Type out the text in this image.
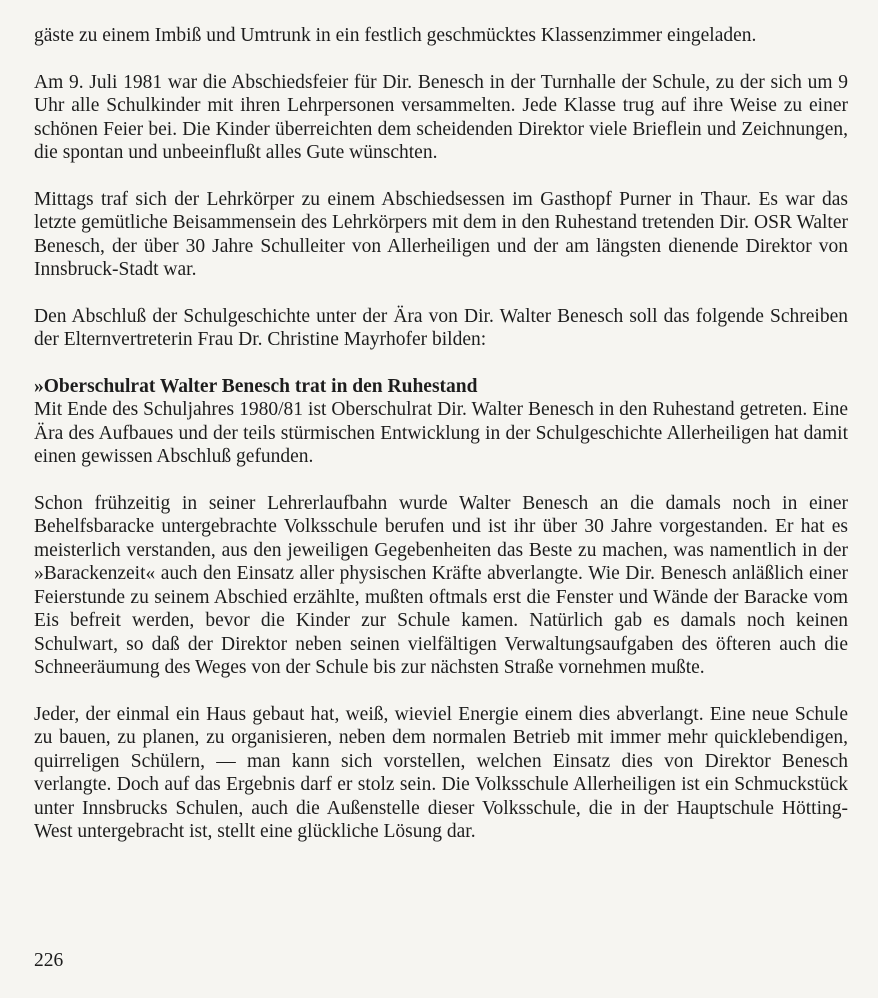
gäste zu einem Imbiß und Umtrunk in ein festlich geschmücktes Klassenzimmer eingeladen.

Am 9. Juli 1981 war die Abschiedsfeier für Dir. Benesch in der Turnhalle der Schule, zu der sich um 9 Uhr alle Schulkinder mit ihren Lehrpersonen versammelten. Jede Klasse trug auf ihre Weise zu einer schönen Feier bei. Die Kinder überreichten dem scheidenden Direktor viele Brieflein und Zeichnungen, die spontan und unbeeinflußt alles Gute wünschten.

Mittags traf sich der Lehrkörper zu einem Abschiedsessen im Gasthopf Purner in Thaur. Es war das letzte gemütliche Beisammensein des Lehrkörpers mit dem in den Ruhestand tretenden Dir. OSR Walter Benesch, der über 30 Jahre Schulleiter von Allerheiligen und der am längsten dienende Direktor von Innsbruck-Stadt war.

Den Abschluß der Schulgeschichte unter der Ära von Dir. Walter Benesch soll das folgende Schreiben der Elternvertreterin Frau Dr. Christine Mayrhofer bilden:

»Oberschulrat Walter Benesch trat in den Ruhestand
Mit Ende des Schuljahres 1980/81 ist Oberschulrat Dir. Walter Benesch in den Ruhestand getreten. Eine Ära des Aufbaues und der teils stürmischen Entwicklung in der Schulgeschichte Allerheiligen hat damit einen gewissen Abschluß gefunden.

Schon frühzeitig in seiner Lehrerlaufbahn wurde Walter Benesch an die damals noch in einer Behelfsbaracke untergebrachte Volksschule berufen und ist ihr über 30 Jahre vorgestanden. Er hat es meisterlich verstanden, aus den jeweiligen Gegebenheiten das Beste zu machen, was namentlich in der »Barackenzeit« auch den Einsatz aller physischen Kräfte abverlangte. Wie Dir. Benesch anläßlich einer Feierstunde zu seinem Abschied erzählte, mußten oftmals erst die Fenster und Wände der Baracke vom Eis befreit werden, bevor die Kinder zur Schule kamen. Natürlich gab es damals noch keinen Schulwart, so daß der Direktor neben seinen vielfältigen Verwaltungsaufgaben des öfteren auch die Schneeräumung des Weges von der Schule bis zur nächsten Straße vornehmen mußte.

Jeder, der einmal ein Haus gebaut hat, weiß, wieviel Energie einem dies abverlangt. Eine neue Schule zu bauen, zu planen, zu organisieren, neben dem normalen Betrieb mit immer mehr quicklebendigen, quirreligen Schülern, — man kann sich vorstellen, welchen Einsatz dies von Direktor Benesch verlangte. Doch auf das Ergebnis darf er stolz sein. Die Volksschule Allerheiligen ist ein Schmuckstück unter Innsbrucks Schulen, auch die Außenstelle dieser Volksschule, die in der Hauptschule Hötting-West untergebracht ist, stellt eine glückliche Lösung dar.

226
